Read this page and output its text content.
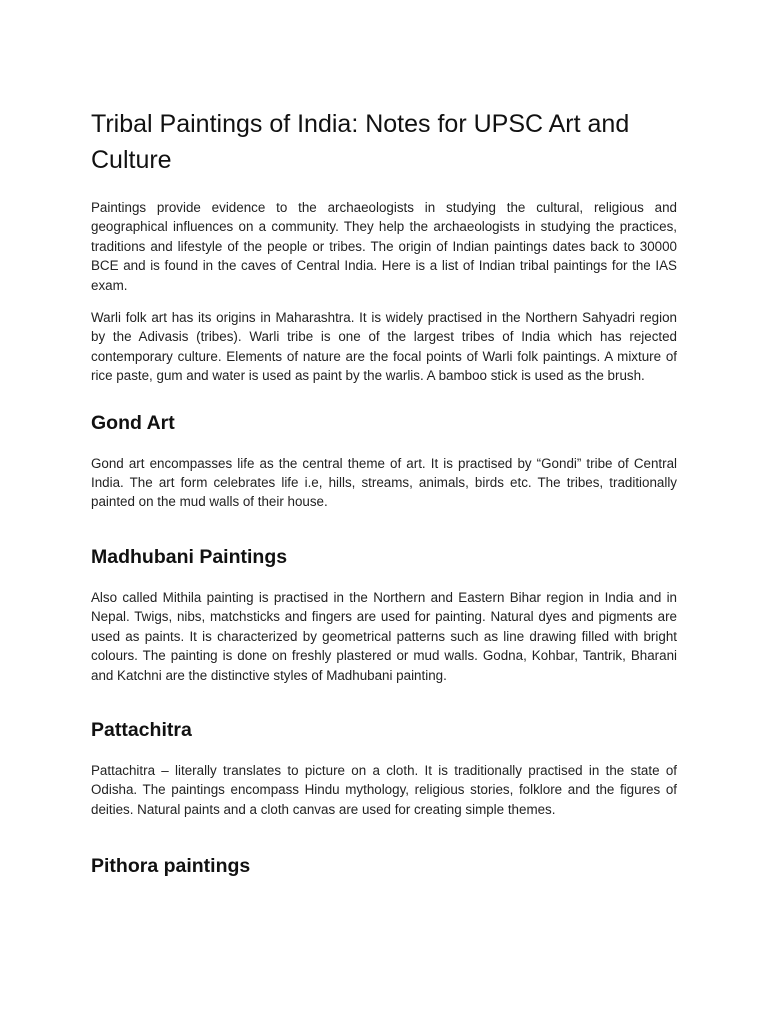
Tribal Paintings of India: Notes for UPSC Art and Culture

Paintings provide evidence to the archaeologists in studying the cultural, religious and geographical influences on a community. They help the archaeologists in studying the practices, traditions and lifestyle of the people or tribes. The origin of Indian paintings dates back to 30000 BCE and is found in the caves of Central India. Here is a list of Indian tribal paintings for the IAS exam.

Warli folk art has its origins in Maharashtra. It is widely practised in the Northern Sahyadri region by the Adivasis (tribes). Warli tribe is one of the largest tribes of India which has rejected contemporary culture. Elements of nature are the focal points of Warli folk paintings. A mixture of rice paste, gum and water is used as paint by the warlis. A bamboo stick is used as the brush.

Gond Art

Gond art encompasses life as the central theme of art. It is practised by “Gondi” tribe of Central India. The art form celebrates life i.e, hills, streams, animals, birds etc. The tribes, traditionally painted on the mud walls of their house.

Madhubani Paintings

Also called Mithila painting is practised in the Northern and Eastern Bihar region in India and in Nepal. Twigs, nibs, matchsticks and fingers are used for painting. Natural dyes and pigments are used as paints. It is characterized by geometrical patterns such as line drawing filled with bright colours. The painting is done on freshly plastered or mud walls. Godna, Kohbar, Tantrik, Bharani and Katchni are the distinctive styles of Madhubani painting.

Pattachitra

Pattachitra – literally translates to picture on a cloth. It is traditionally practised in the state of Odisha. The paintings encompass Hindu mythology, religious stories, folklore and the figures of deities. Natural paints and a cloth canvas are used for creating simple themes.

Pithora paintings
